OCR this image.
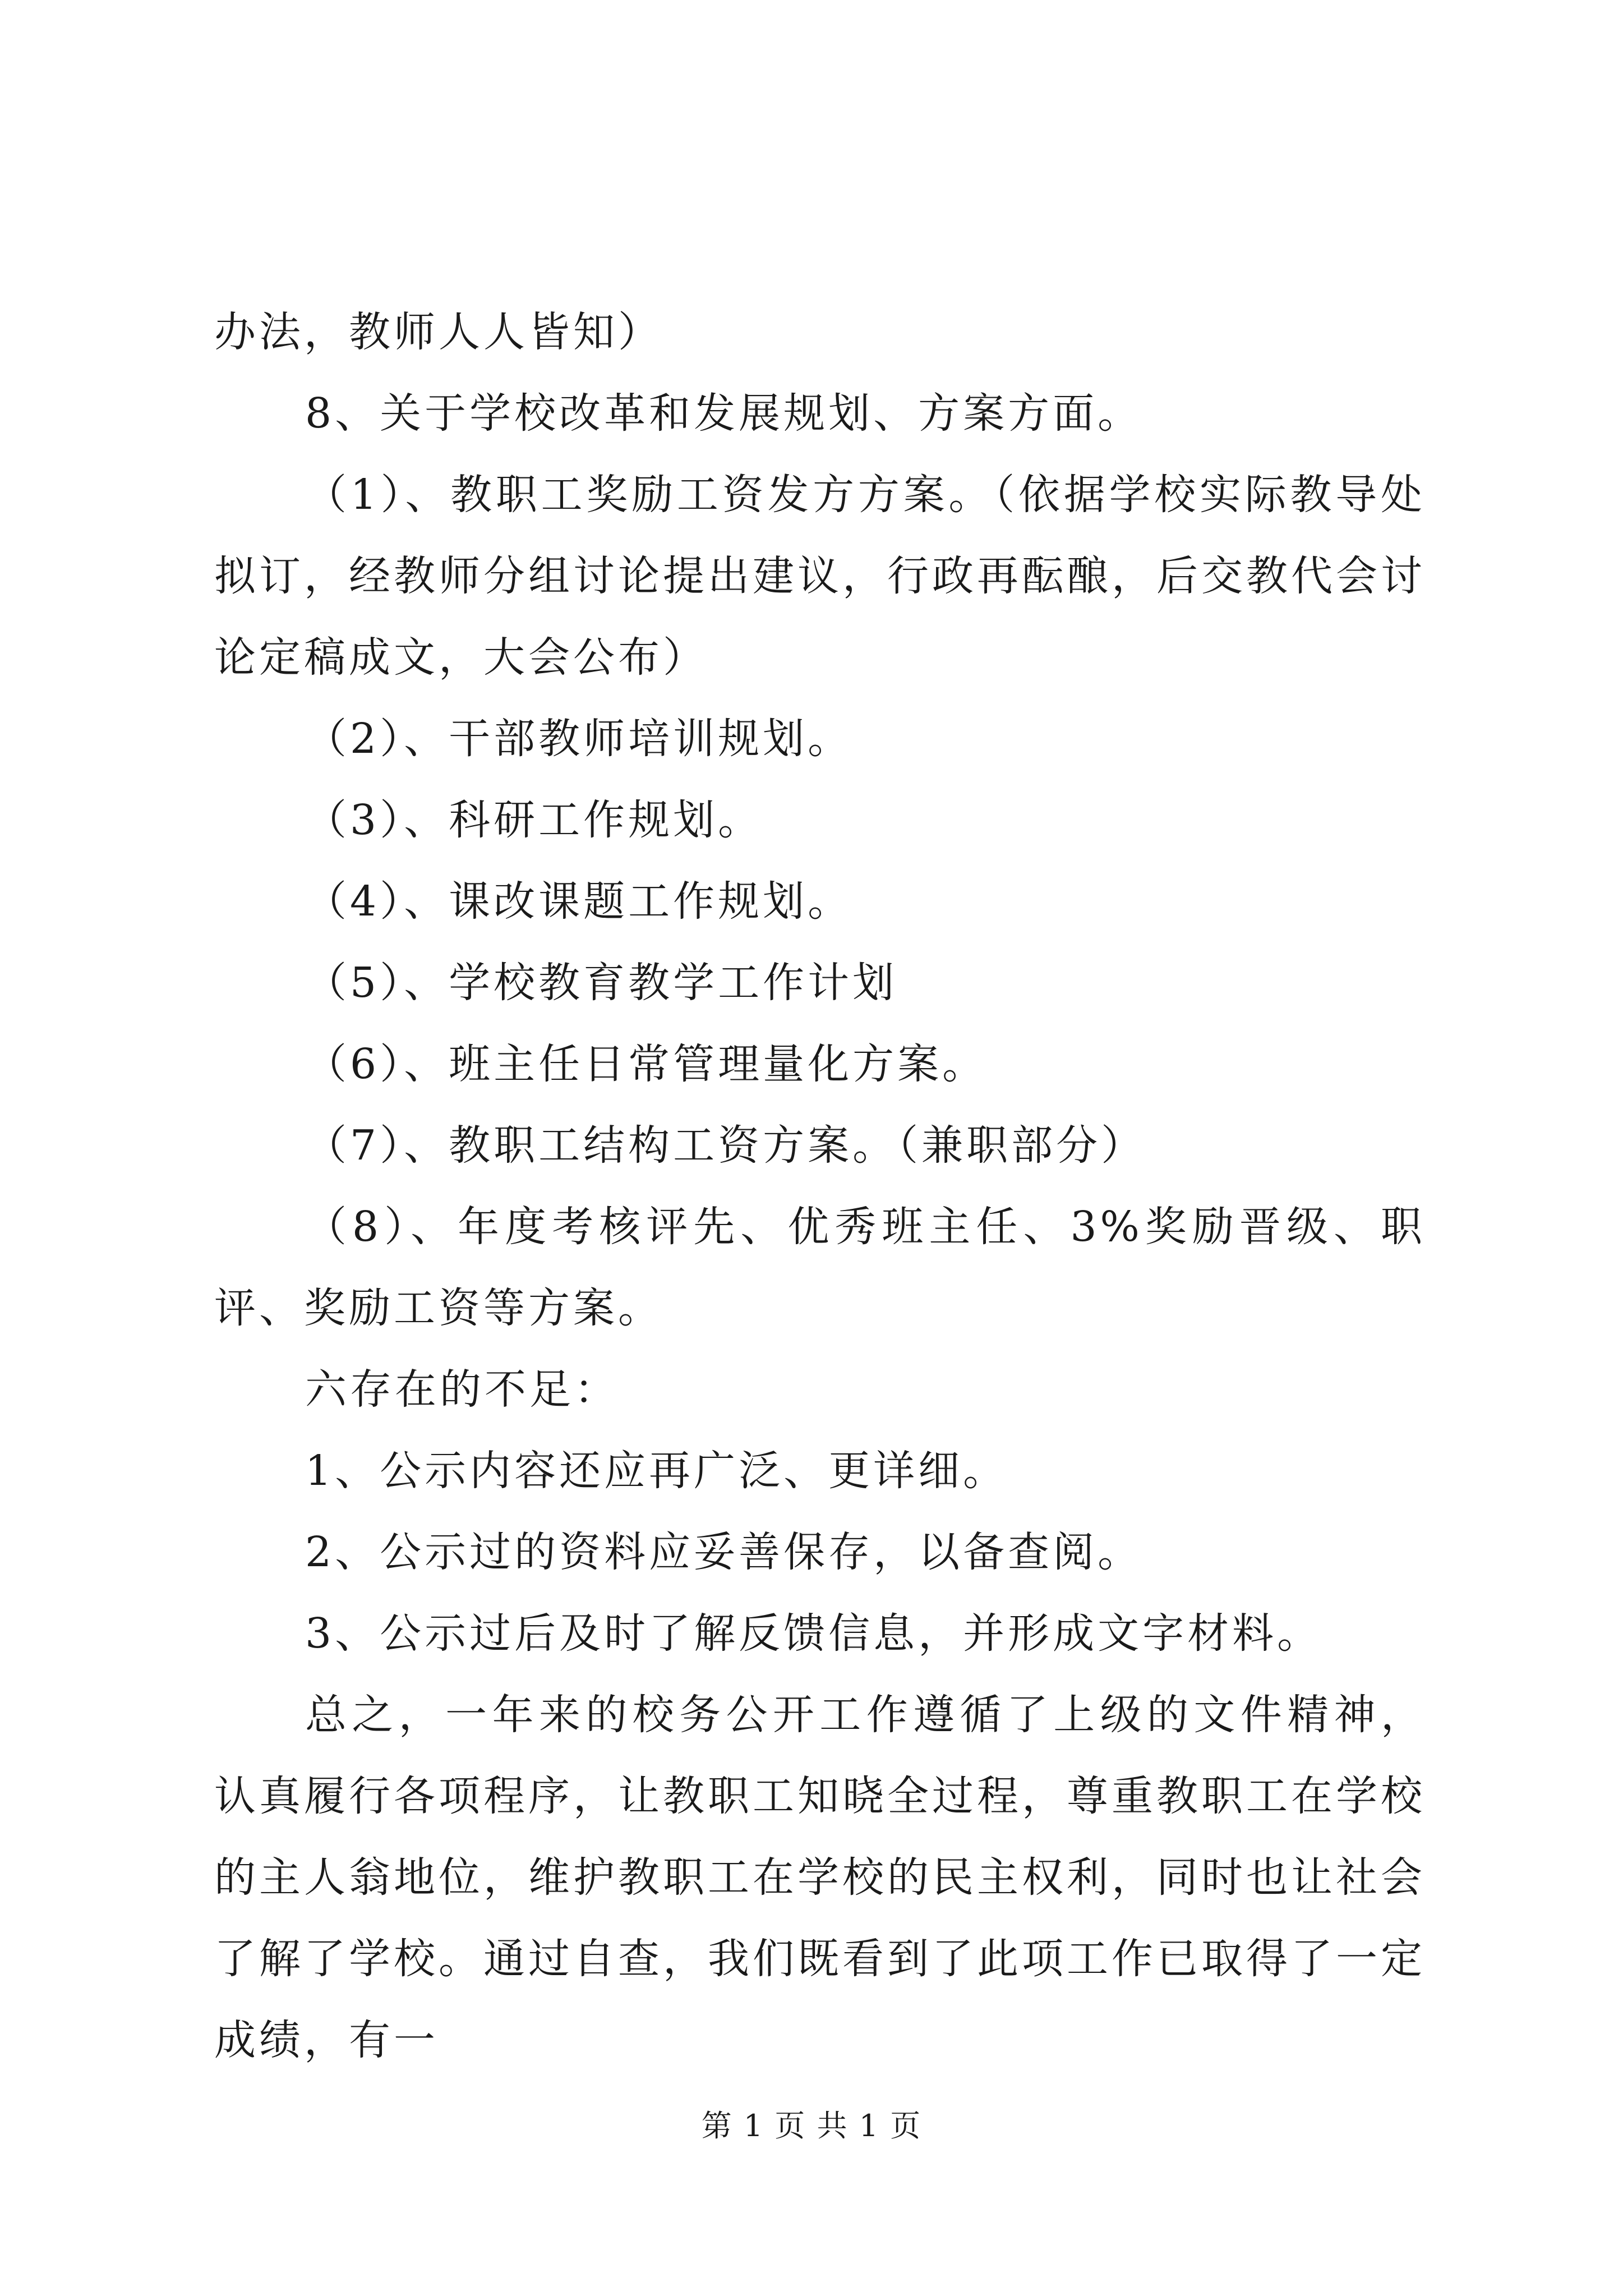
办法，教师人人皆知）

8、关于学校改革和发展规划、方案方面。

（1）、教职工奖励工资发方方案。（依据学校实际教导处拟订，经教师分组讨论提出建议，行政再酝酿，后交教代会讨论定稿成文，大会公布）

（2）、干部教师培训规划。

（3）、科研工作规划。

（4）、课改课题工作规划。

（5）、学校教育教学工作计划

（6）、班主任日常管理量化方案。

（7）、教职工结构工资方案。（兼职部分）

（8）、年度考核评先、优秀班主任、3%奖励晋级、职评、奖励工资等方案。

六存在的不足：

1、公示内容还应再广泛、更详细。

2、公示过的资料应妥善保存，以备查阅。

3、公示过后及时了解反馈信息，并形成文字材料。

总之，一年来的校务公开工作遵循了上级的文件精神，认真履行各项程序，让教职工知晓全过程，尊重教职工在学校的主人翁地位，维护教职工在学校的民主权利，同时也让社会了解了学校。通过自查，我们既看到了此项工作已取得了一定成绩，有一

第 1 页 共 1 页
